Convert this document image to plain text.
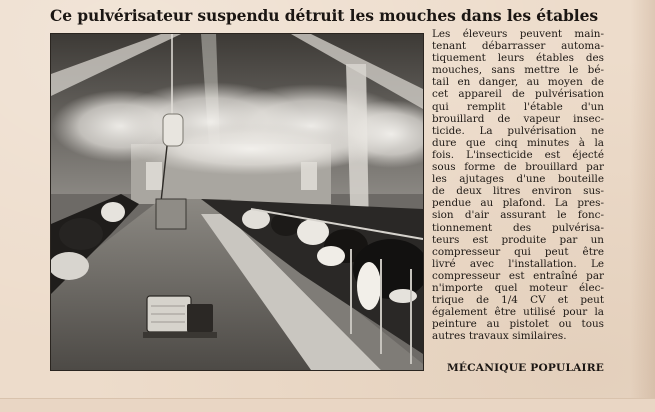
Ce pulvérisateur suspendu détruit les mouches dans les étables
Les éleveurs peuvent main-
tenant débarrasser automa-
tiquement leurs étables des
mouches, sans mettre le bé-
tail en danger, au moyen de
cet appareil de pulvérisation
qui remplit l'étable d'un
brouillard de vapeur insec-
ticide. La pulvérisation ne
dure que cinq minutes à la
fois. L'insecticide est éjecté
sous forme de brouillard par
les ajutages d'une bouteille
de deux litres environ sus-
pendue au plafond. La pres-
sion d'air assurant le fonc-
tionnement des pulvérisa-
teurs est produite par un
compresseur qui peut être
livré avec l'installation. Le
compresseur est entraîné par
n'importe quel moteur élec-
trique de 1/4 CV et peut
également être utilisé pour la
peinture au pistolet ou tous
autres travaux similaires.
MÉCANIQUE POPULAIRE
